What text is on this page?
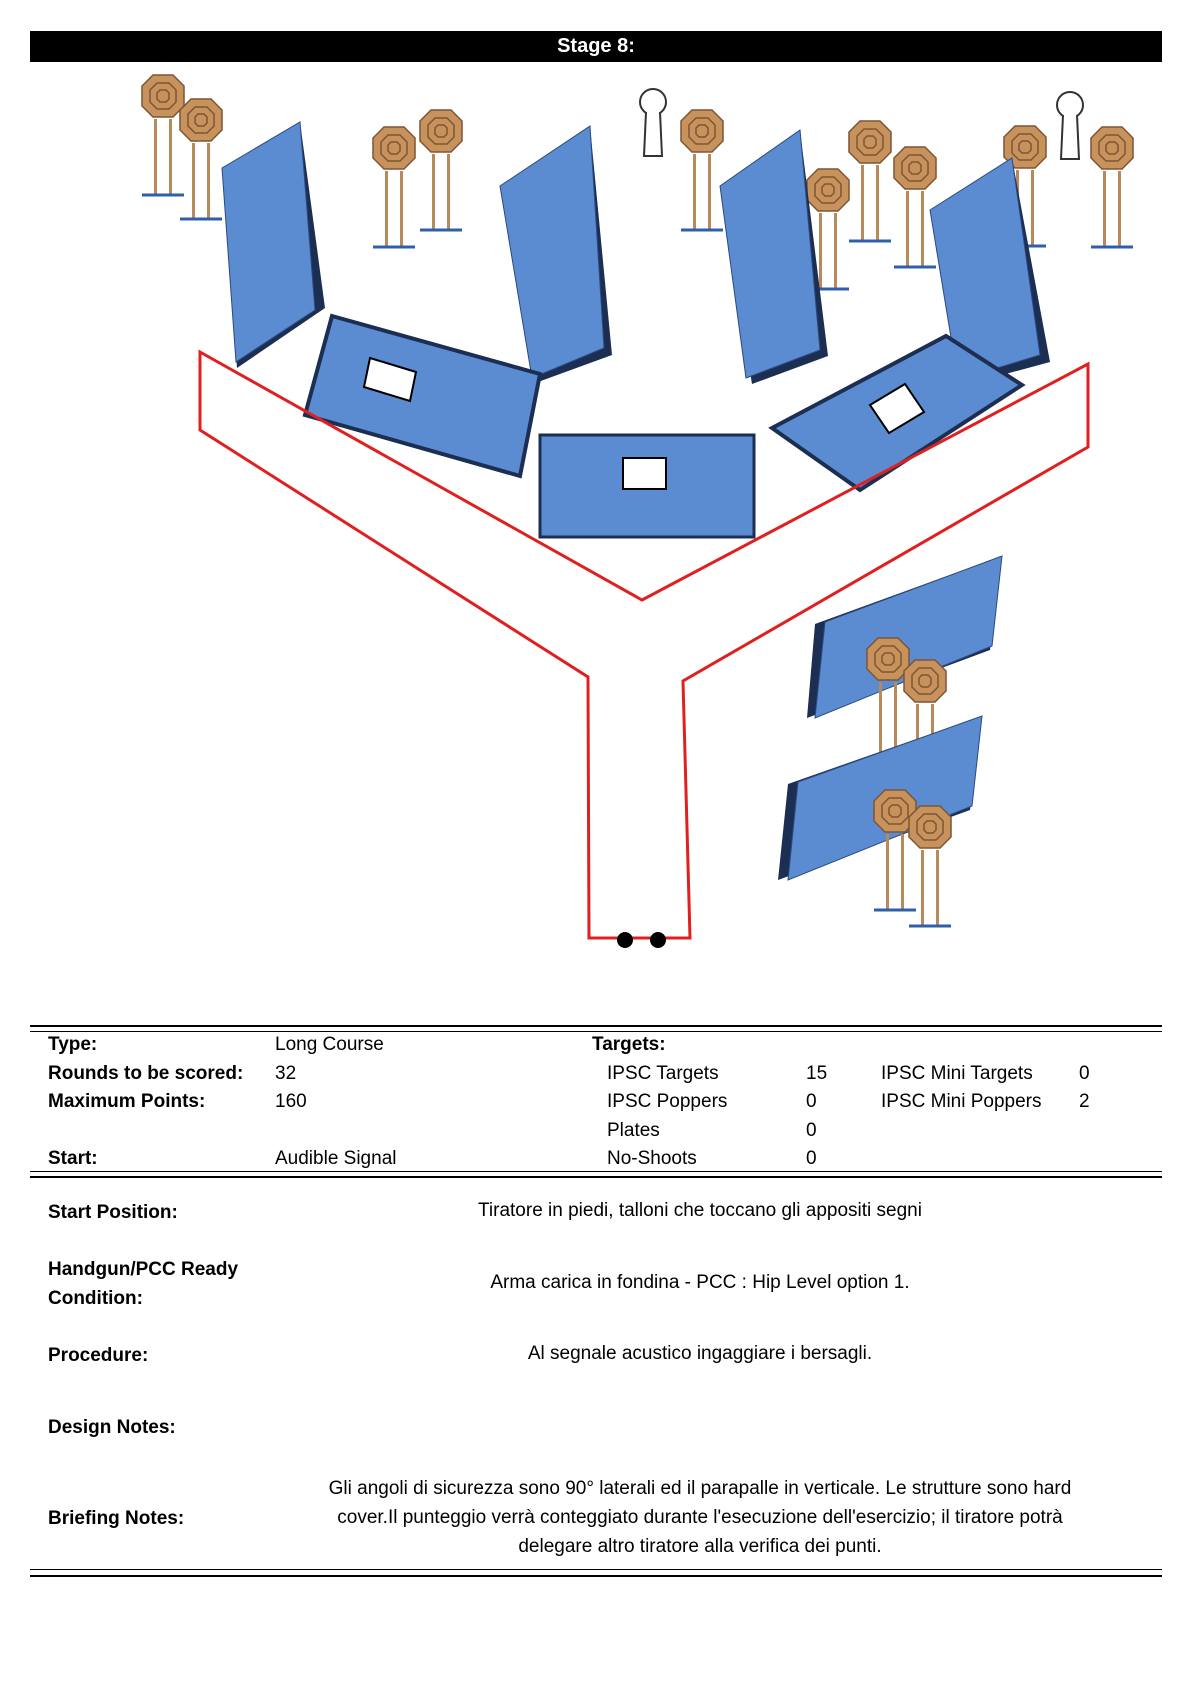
Stage 8:
Type:	Long Course	Targets:
Rounds to be scored: 32	IPSC Targets	15	IPSC Mini Targets 0
Maximum Points:	160	IPSC Poppers	0	IPSC Mini Poppers 2
Plates	0
Start:	Audible Signal	No-Shoots	0
Start Position:	Tiratore in piedi, talloni che toccano gli appositi segni
Handgun/PCC Ready
Condition:
Arma carica in fondina - PCC : Hip Level option 1.
Procedure:	Al segnale acustico ingaggiare i bersagli.
Design Notes:
Briefing Notes:
Gli angoli di sicurezza sono 90° laterali ed il parapalle in verticale. Le strutture sono hard
cover.Il punteggio verrà conteggiato durante l'esecuzione dell'esercizio; il tiratore potrà
delegare altro tiratore alla verifica dei punti.
